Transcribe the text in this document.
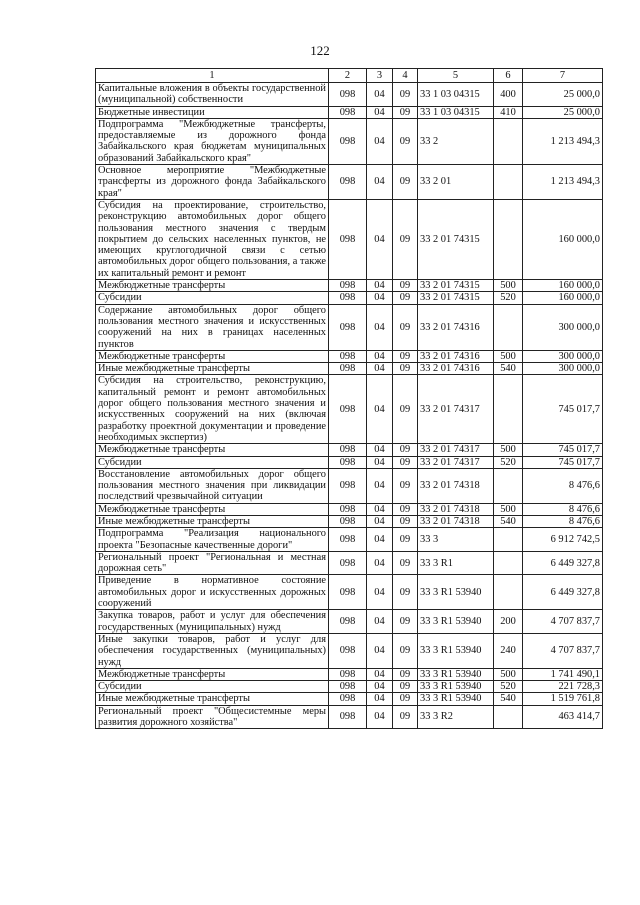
122
1	2	3	4	5	6	7
Капитальные вложения в объекты государственной (муниципальной) собственности	098	04	09	33 1 03 04315	400	25 000,0
Бюджетные инвестиции	098	04	09	33 1 03 04315	410	25 000,0
Подпрограмма "Межбюджетные трансферты, предоставляемые из дорожного фонда Забайкальского края бюджетам муниципальных образований Забайкальского края"	098	04	09	33 2		1 213 494,3
Основное мероприятие "Межбюджетные трансферты из дорожного фонда Забайкальского края"	098	04	09	33 2 01		1 213 494,3
Субсидия на проектирование, строительство, реконструкцию автомобильных дорог общего пользования местного значения с твердым покрытием до сельских населенных пунктов, не имеющих круглогодичной связи с сетью автомобильных дорог общего пользования, а также их капитальный ремонт и ремонт	098	04	09	33 2 01 74315		160 000,0
Межбюджетные трансферты	098	04	09	33 2 01 74315	500	160 000,0
Субсидии	098	04	09	33 2 01 74315	520	160 000,0
Содержание автомобильных дорог общего пользования местного значения и искусственных сооружений на них в границах населенных пунктов	098	04	09	33 2 01 74316		300 000,0
Межбюджетные трансферты	098	04	09	33 2 01 74316	500	300 000,0
Иные межбюджетные трансферты	098	04	09	33 2 01 74316	540	300 000,0
Субсидия на строительство, реконструкцию, капитальный ремонт и ремонт автомобильных дорог общего пользования местного значения и искусственных сооружений на них (включая разработку проектной документации и проведение необходимых экспертиз)	098	04	09	33 2 01 74317		745 017,7
Межбюджетные трансферты	098	04	09	33 2 01 74317	500	745 017,7
Субсидии	098	04	09	33 2 01 74317	520	745 017,7
Восстановление автомобильных дорог общего пользования местного значения при ликвидации последствий чрезвычайной ситуации	098	04	09	33 2 01 74318		8 476,6
Межбюджетные трансферты	098	04	09	33 2 01 74318	500	8 476,6
Иные межбюджетные трансферты	098	04	09	33 2 01 74318	540	8 476,6
Подпрограмма "Реализация национального проекта "Безопасные качественные дороги"	098	04	09	33 3		6 912 742,5
Региональный проект "Региональная и местная дорожная сеть"	098	04	09	33 3 R1		6 449 327,8
Приведение в нормативное состояние автомобильных дорог и искусственных дорожных сооружений	098	04	09	33 3 R1 53940		6 449 327,8
Закупка товаров, работ и услуг для обеспечения государственных (муниципальных) нужд	098	04	09	33 3 R1 53940	200	4 707 837,7
Иные закупки товаров, работ и услуг для обеспечения государственных (муниципальных) нужд	098	04	09	33 3 R1 53940	240	4 707 837,7
Межбюджетные трансферты	098	04	09	33 3 R1 53940	500	1 741 490,1
Субсидии	098	04	09	33 3 R1 53940	520	221 728,3
Иные межбюджетные трансферты	098	04	09	33 3 R1 53940	540	1 519 761,8
Региональный проект "Общесистемные меры развития дорожного хозяйства"	098	04	09	33 3 R2		463 414,7
